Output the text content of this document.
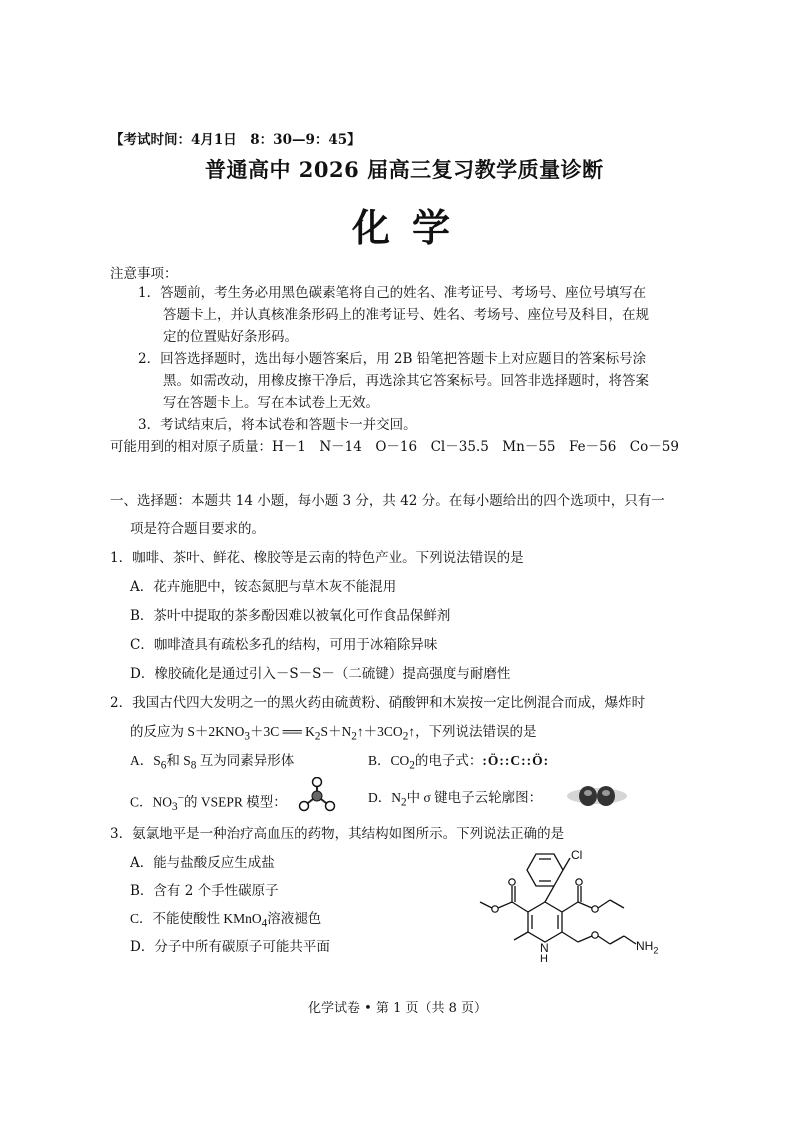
【考试时间：4月1日　8：30—9：45】
普通高中 2026 届高三复习教学质量诊断
化学
注意事项：
1．答题前，考生务必用黑色碳素笔将自己的姓名、准考证号、考场号、座位号填写在
答题卡上，并认真核准条形码上的准考证号、姓名、考场号、座位号及科目，在规
定的位置贴好条形码。
2．回答选择题时，选出每小题答案后，用 2B 铅笔把答题卡上对应题目的答案标号涂
黑。如需改动，用橡皮擦干净后，再选涂其它答案标号。回答非选择题时，将答案
写在答题卡上。写在本试卷上无效。
3．考试结束后，将本试卷和答题卡一并交回。
可能用到的相对原子质量：H－1　N－14　O－16　Cl－35.5　Mn－55　Fe－56　Co－59
一、选择题：本题共 14 小题，每小题 3 分，共 42 分。在每小题给出的四个选项中，只有一
项是符合题目要求的。
1．咖啡、茶叶、鲜花、橡胶等是云南的特色产业。下列说法错误的是
A．花卉施肥中，铵态氮肥与草木灰不能混用
B．茶叶中提取的茶多酚因难以被氧化可作食品保鲜剂
C．咖啡渣具有疏松多孔的结构，可用于冰箱除异味
D．橡胶硫化是通过引入－S－S－（二硫键）提高强度与耐磨性
2．我国古代四大发明之一的黑火药由硫黄粉、硝酸钾和木炭按一定比例混合而成，爆炸时
的反应为 $S+2KNO_3+3C$ ══ $K_2S+N_2↑+3CO_2↑$，下列说法错误的是
A．$S_6$和 $S_8$ 互为同素异形体	B．$CO_2$的电子式：:Ö::C::Ö:
C．$NO_3^-$的 VSEPR 模型：	D．$N_2$中 σ 键电子云轮廓图：
3．氨氯地平是一种治疗高血压的药物，其结构如图所示。下列说法正确的是
A．能与盐酸反应生成盐
B．含有 2 个手性碳原子
C．不能使酸性 KMnO$_4$溶液褪色
D．分子中所有碳原子可能共平面
Cl
N
H
$NH_2$
化学试卷 • 第 1 页（共 8 页）
